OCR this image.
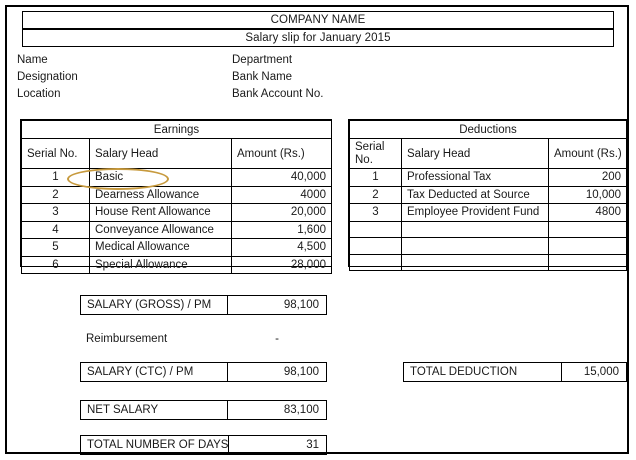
COMPANY NAME
Salary slip for January 2015
Name	Department
Designation	Bank Name
Location	Bank Account No.
Earnings		
Serial No.	Salary Head	Amount (Rs.)
1	Basic	40,000
2	Dearness Allowance	4000
3	House Rent Allowance	20,000
4	Conveyance Allowance	1,600
5	Medical Allowance	4,500
6	Special Allowance	28,000
Deductions		
Serial No.	Salary Head	Amount (Rs.)
1	Professional Tax	200
2	Tax Deducted at Source	10,000
3	Employee Provident Fund	4800

SALARY (GROSS) / PM	98,100
Reimbursement	-
SALARY (CTC) / PM	98,100	TOTAL DEDUCTION	15,000
NET SALARY	83,100
TOTAL NUMBER OF DAYS	31
